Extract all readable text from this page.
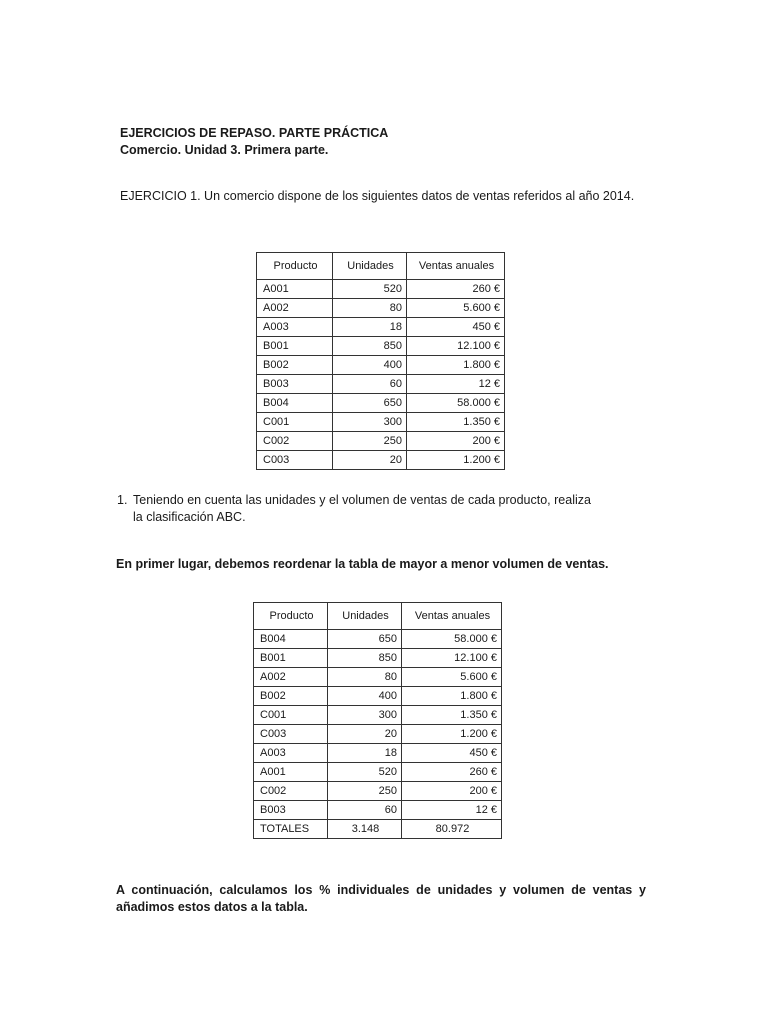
EJERCICIOS DE REPASO. PARTE PRÁCTICA
Comercio. Unidad 3. Primera parte.
EJERCICIO 1. Un comercio dispone de los siguientes datos de ventas referidos al año 2014.
Producto	Unidades	Ventas anuales
A001	520	260 €
A002	80	5.600 €
A003	18	450 €
B001	850	12.100 €
B002	400	1.800 €
B003	60	12 €
B004	650	58.000 €
C001	300	1.350 €
C002	250	200 €
C003	20	1.200 €
1. Teniendo en cuenta las unidades y el volumen de ventas de cada producto, realiza
la clasificación ABC.
En primer lugar, debemos reordenar la tabla de mayor a menor volumen de ventas.
Producto	Unidades	Ventas anuales
B004	650	58.000 €
B001	850	12.100 €
A002	80	5.600 €
B002	400	1.800 €
C001	300	1.350 €
C003	20	1.200 €
A003	18	450 €
A001	520	260 €
C002	250	200 €
B003	60	12 €
TOTALES	3.148	80.972
A continuación, calculamos los % individuales de unidades y volumen de ventas y añadimos estos datos a la tabla.
